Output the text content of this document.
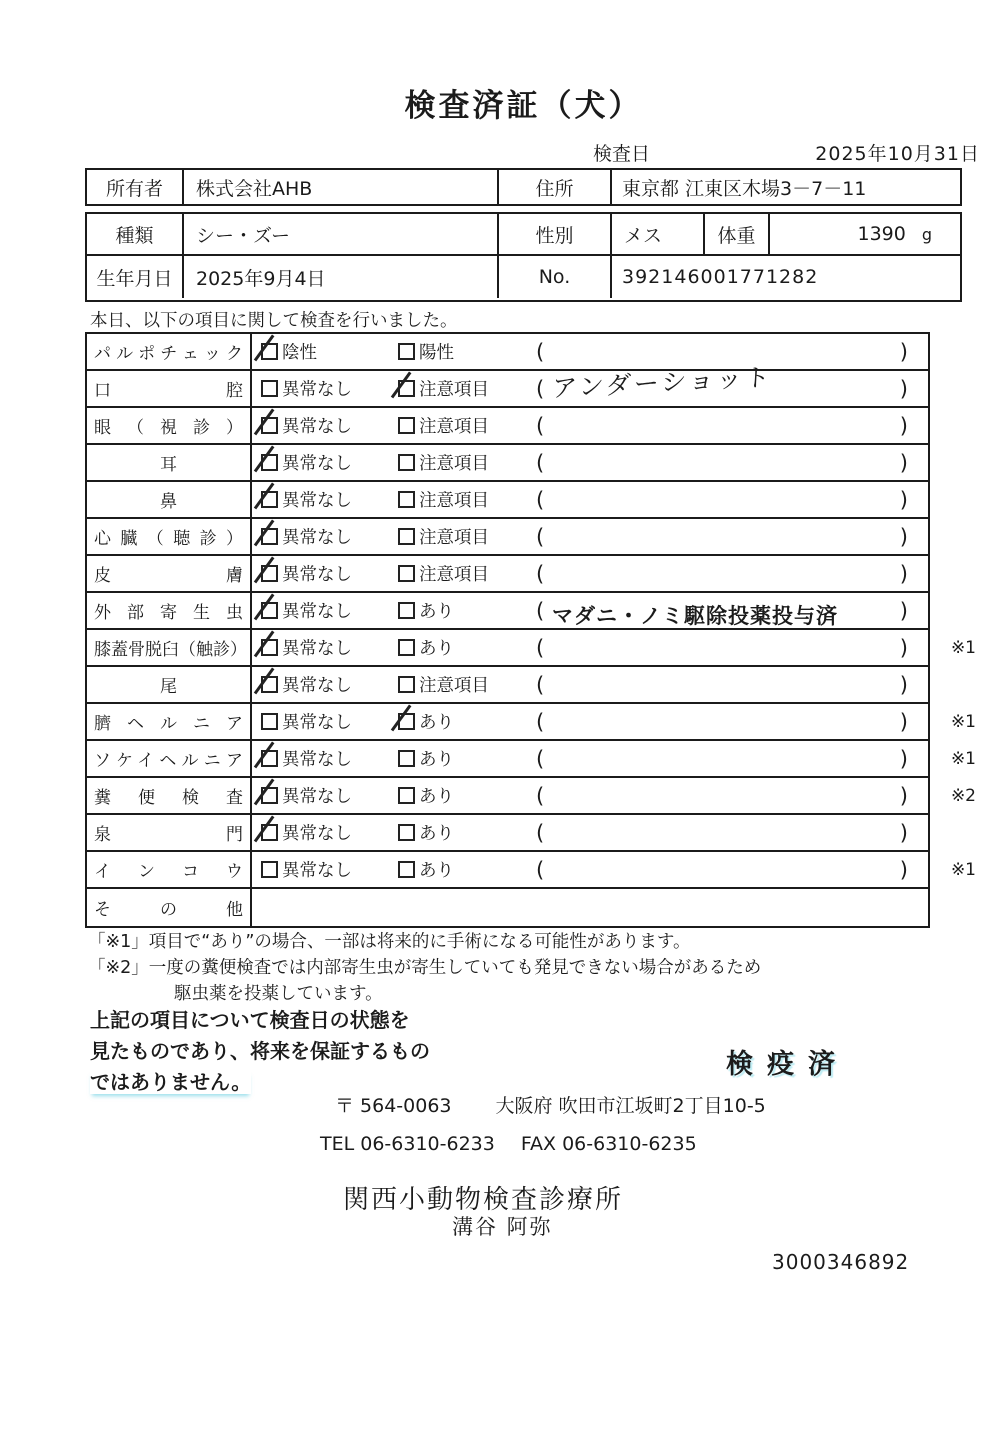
検査済証（犬）
検査日	2025年10月31日
所有者	株式会社AHB	住所	東京都 江東区木場3－7－11
種類	シー・ズー	性別	メス	体重	1390 g
生年月日	2025年9月4日	No.	392146001771282
本日、以下の項目に関して検査を行いました。
パルポチェック 陰性	陽性	(	)
口腔 異常なし	注意項目 ( アンダーショット	)
眼（視診） 異常なし	注意項目 (	)
耳	異常なし	注意項目 (	)
鼻	異常なし	注意項目 (	)
心臓（聴診） 異常なし	注意項目 (	)
皮膚 異常なし	注意項目 (	)
外部寄生虫 異常なし	あり	( マダニ・ノミ駆除投薬投与済	)
膝蓋骨脱臼（触診） 異常なし	あり	(	)	※1
尾	異常なし	注意項目 (	)
臍ヘルニア 異常なし	あり	(	)	※1
ソケイヘルニア 異常なし	あり	(	)	※1
糞便検査 異常なし	あり	(	)	※2
泉門 異常なし	あり	(	)
インコウ 異常なし	あり	(	)	※1
その他
「※1」項目で“あり”の場合、一部は将来的に手術になる可能性があります。
「※2」一度の糞便検査では内部寄生虫が寄生していても発見できない場合があるため
駆虫薬を投薬しています。
上記の項目について検査日の状態を
見たものであり、将来を保証するもの
ではありません。
検疫済
〒 564-0063 大阪府 吹田市江坂町2丁目10-5
TEL 06-6310-6233 FAX 06-6310-6235
関西小動物検査診療所
溝谷 阿弥
3000346892
